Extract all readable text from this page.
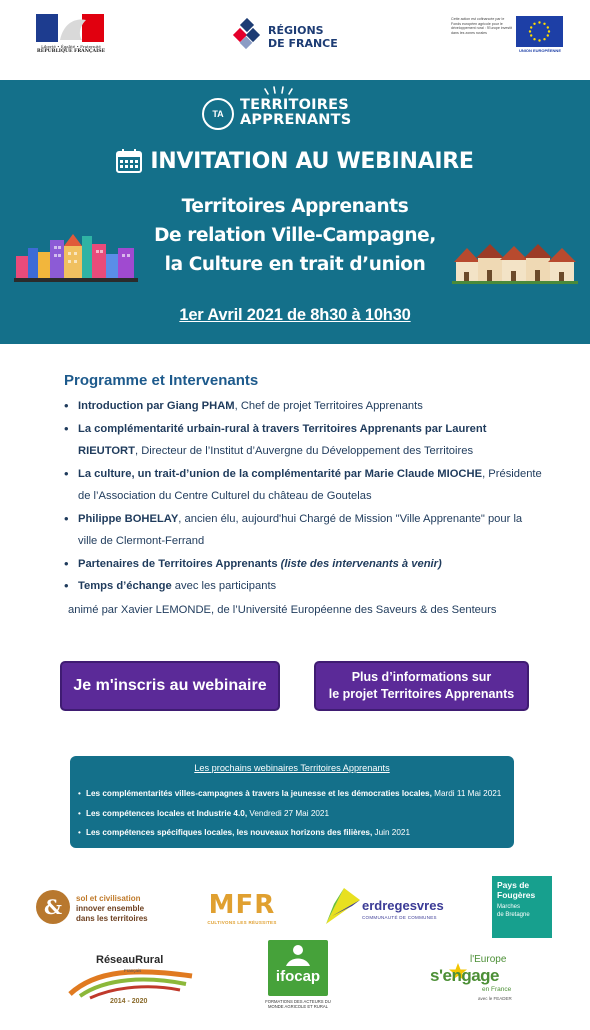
Liberté • Égalité • Fraternité
RÉPUBLIQUE FRANÇAISE
RÉGIONS
DE FRANCE
Cette action est cofinancée par le Fonds européen agricole pour le développement rural : l'Europe investit dans les zones rurales
UNION EUROPÉENNE
TA
TERRITOIRES
APPRENANTS
INVITATION AU WEBINAIRE
Territoires Apprenants
De relation Ville-Campagne,
la Culture en trait d’union
1er Avril 2021 de 8h30 à 10h30
Programme et Intervenants
• Introduction par Giang PHAM, Chef de projet Territoires Apprenants
• La complémentarité urbain-rural à travers Territoires Apprenants par Laurent RIEUTORT, Directeur de l’Institut d’Auvergne du Développement des Territoires
• La culture, un trait-d’union de la complémentarité par Marie Claude MIOCHE, Présidente de l’Association du Centre Culturel du château de Goutelas
• Philippe BOHELAY, ancien élu, aujourd'hui Chargé de Mission "Ville Apprenante" pour la ville de Clermont-Ferrand
• Partenaires de Territoires Apprenants (liste des intervenants à venir)
• Temps d’échange avec les participants
animé par Xavier LEMONDE, de l’Université Européenne des Saveurs & des Senteurs
Je m'inscris au webinaire	Plus d’informations sur
le projet Territoires Apprenants
Les prochains webinaires Territoires Apprenants
• Les complémentarités villes-campagnes à travers la jeunesse et les démocraties locales, Mardi 11 Mai 2021
• Les compétences locales et Industrie 4.0, Vendredi 27 Mai 2021
• Les compétences spécifiques locales, les nouveaux horizons des filières, Juin 2021
& sol et civilisation
innover ensemble
dans les territoires MFR
CULTIVONS LES RÉUSSITES
erdregesvres
COMMUNAUTÉ DE COMMUNES
Pays de
Fougères
Marches
de Bretagne
RéseauRural
Français
2014 - 2020
ifocap
FORMATIONS DES ACTEURS DU MONDE AGRICOLE ET RURAL
l'Europe
s'engage
en France
avec le FEADER
